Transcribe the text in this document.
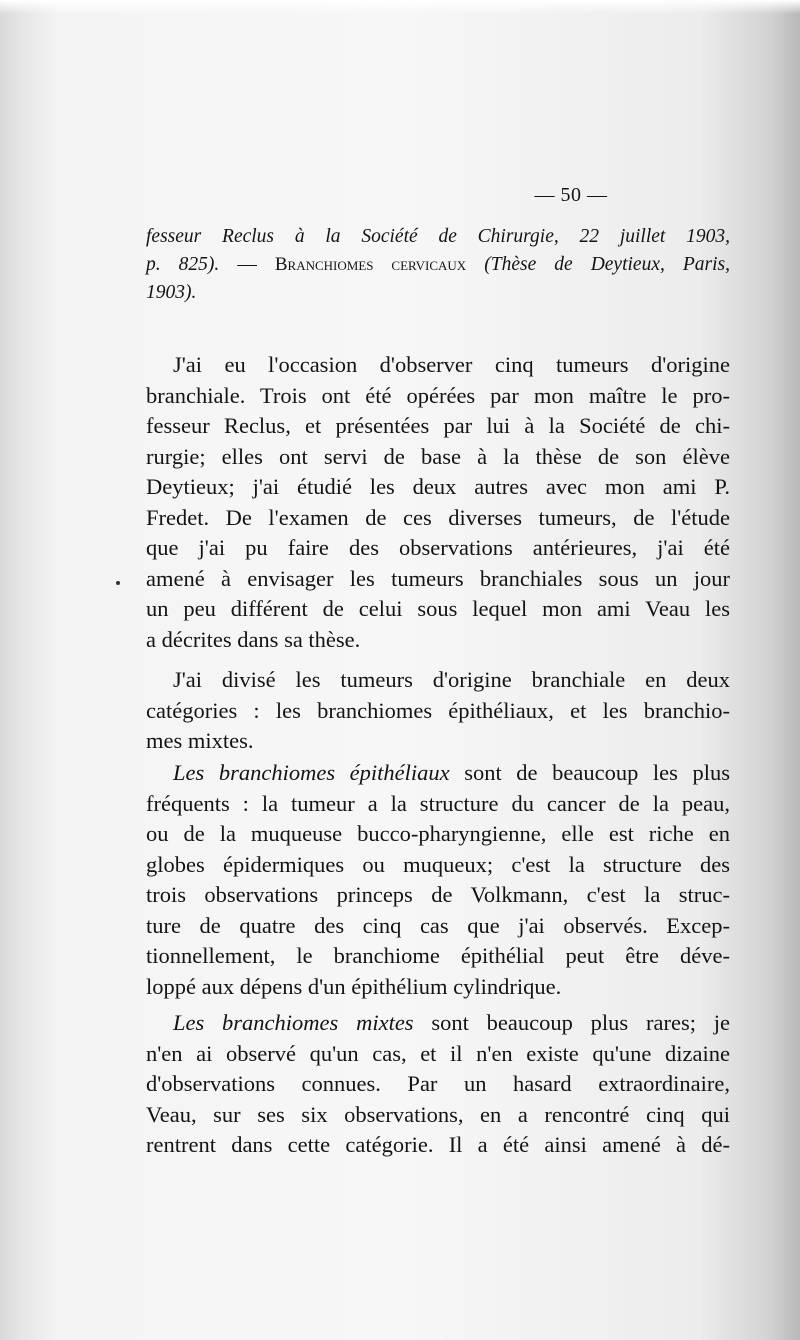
— 50 —
fesseur Reclus à la Société de Chirurgie, 22 juillet 1903,
p. 825). — Branchiomes cervicaux (Thèse de Deytieux, Paris,
1903).
J'ai eu l'occasion d'observer cinq tumeurs d'origine
branchiale. Trois ont été opérées par mon maître le pro-
fesseur Reclus, et présentées par lui à la Société de chi-
rurgie; elles ont servi de base à la thèse de son élève
Deytieux; j'ai étudié les deux autres avec mon ami P.
Fredet. De l'examen de ces diverses tumeurs, de l'étude
que j'ai pu faire des observations antérieures, j'ai été
amené à envisager les tumeurs branchiales sous un jour
un peu différent de celui sous lequel mon ami Veau les
a décrites dans sa thèse.
J'ai divisé les tumeurs d'origine branchiale en deux
catégories : les branchiomes épithéliaux, et les branchio-
mes mixtes.
Les branchiomes épithéliaux sont de beaucoup les plus
fréquents : la tumeur a la structure du cancer de la peau,
ou de la muqueuse bucco-pharyngienne, elle est riche en
globes épidermiques ou muqueux; c'est la structure des
trois observations princeps de Volkmann, c'est la struc-
ture de quatre des cinq cas que j'ai observés. Excep-
tionnellement, le branchiome épithélial peut être déve-
loppé aux dépens d'un épithélium cylindrique.
Les branchiomes mixtes sont beaucoup plus rares; je
n'en ai observé qu'un cas, et il n'en existe qu'une dizaine
d'observations connues. Par un hasard extraordinaire,
Veau, sur ses six observations, en a rencontré cinq qui
rentrent dans cette catégorie. Il a été ainsi amené à dé-
